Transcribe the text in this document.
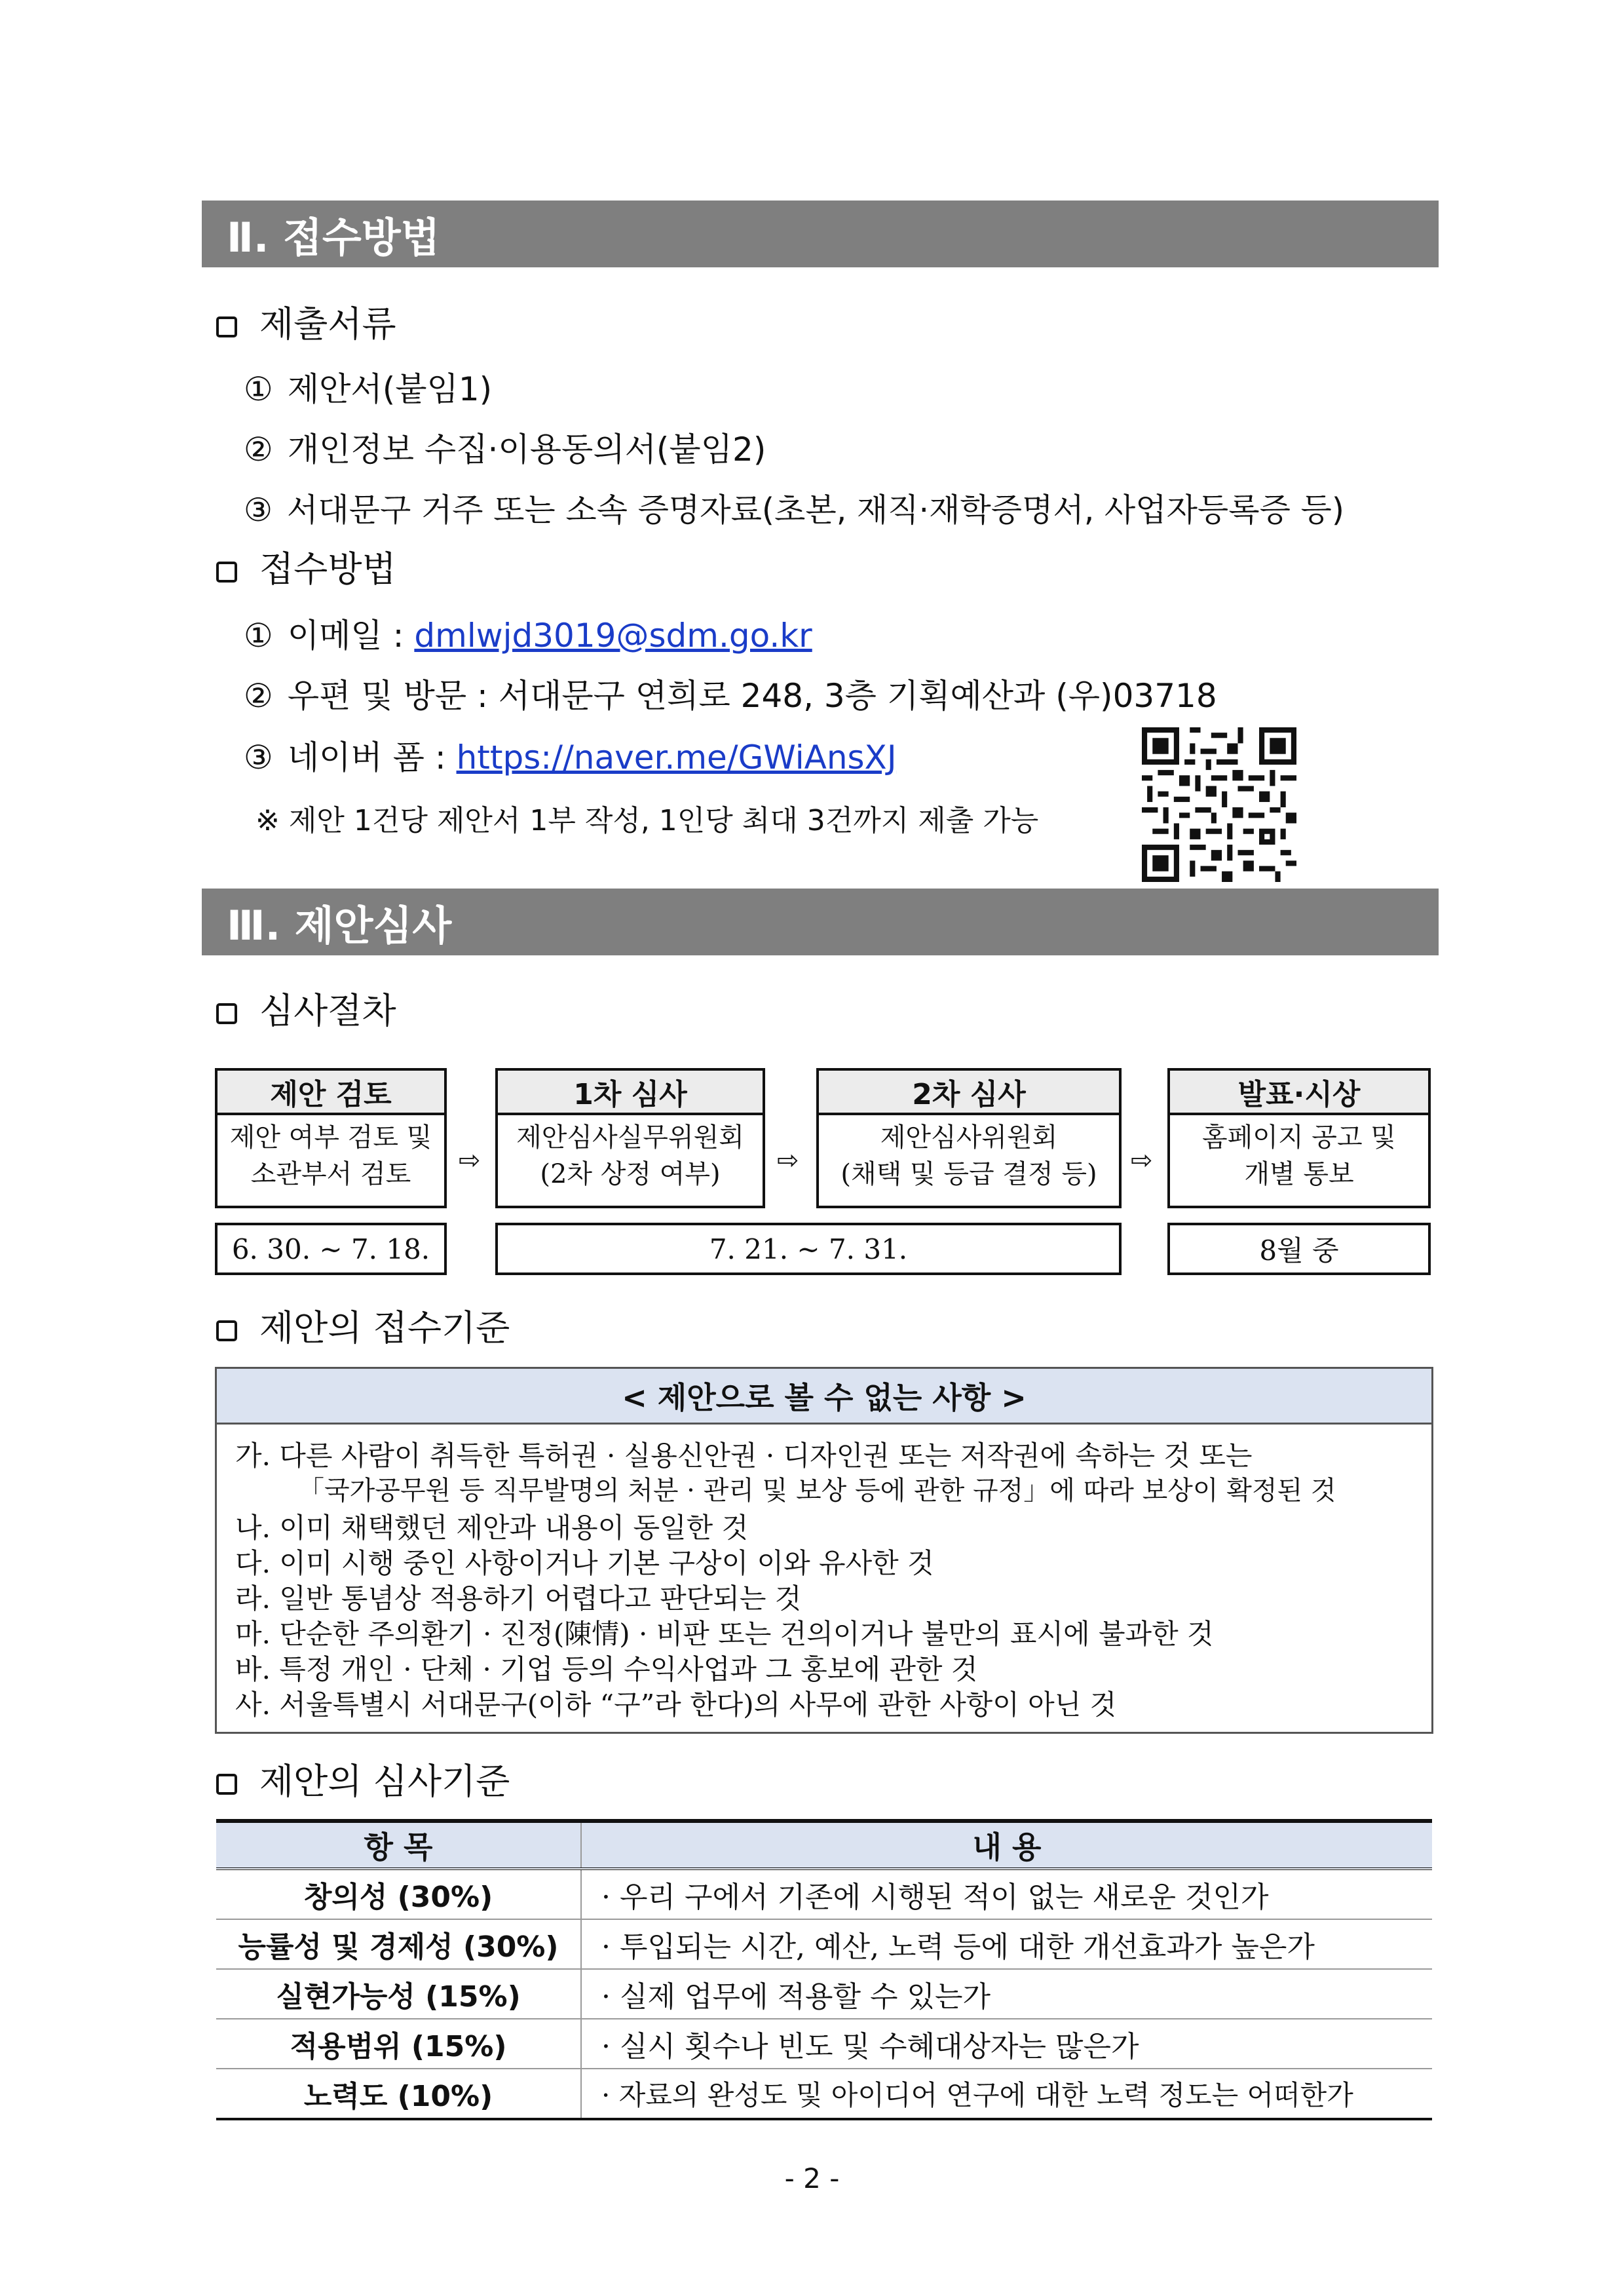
Ⅱ. 접수방법
제출서류
① 제안서(붙임1)
② 개인정보 수집·이용동의서(붙임2)
③ 서대문구 거주 또는 소속 증명자료(초본, 재직·재학증명서, 사업자등록증 등)
접수방법
① 이메일 : dmlwjd3019@sdm.go.kr
② 우편 및 방문 : 서대문구 연희로 248, 3층 기획예산과 (우)03718
③ 네이버 폼 : https://naver.me/GWiAnsXJ
※ 제안 1건당 제안서 1부 작성, 1인당 최대 3건까지 제출 가능
Ⅲ. 제안심사
심사절차
제안 검토
제안 여부 검토 및
소관부서 검토	⇨
1차 심사
제안심사실무위원회
(2차 상정 여부)	⇨
2차 심사
제안심사위원회
(채택 및 등급 결정 등)	⇨
발표·시상
홈페이지 공고 및
개별 통보
6. 30. ~ 7. 18.	7. 21. ~ 7. 31.	8월 중
제안의 접수기준
< 제안으로 볼 수 없는 사항 >
가. 다른 사람이 취득한 특허권 · 실용신안권 · 디자인권 또는 저작권에 속하는 것 또는
「국가공무원 등 직무발명의 처분 · 관리 및 보상 등에 관한 규정」에 따라 보상이 확정된 것
나. 이미 채택했던 제안과 내용이 동일한 것
다. 이미 시행 중인 사항이거나 기본 구상이 이와 유사한 것
라. 일반 통념상 적용하기 어렵다고 판단되는 것
마. 단순한 주의환기 · 진정(陳情) · 비판 또는 건의이거나 불만의 표시에 불과한 것
바. 특정 개인 · 단체 · 기업 등의 수익사업과 그 홍보에 관한 것
사. 서울특별시 서대문구(이하 “구”라 한다)의 사무에 관한 사항이 아닌 것
제안의 심사기준
항 목	내 용
창의성 (30%)	· 우리 구에서 기존에 시행된 적이 없는 새로운 것인가
능률성 및 경제성 (30%)	· 투입되는 시간, 예산, 노력 등에 대한 개선효과가 높은가
실현가능성 (15%)	· 실제 업무에 적용할 수 있는가
적용범위 (15%)	· 실시 횟수나 빈도 및 수혜대상자는 많은가
노력도 (10%)	· 자료의 완성도 및 아이디어 연구에 대한 노력 정도는 어떠한가
- 2 -
